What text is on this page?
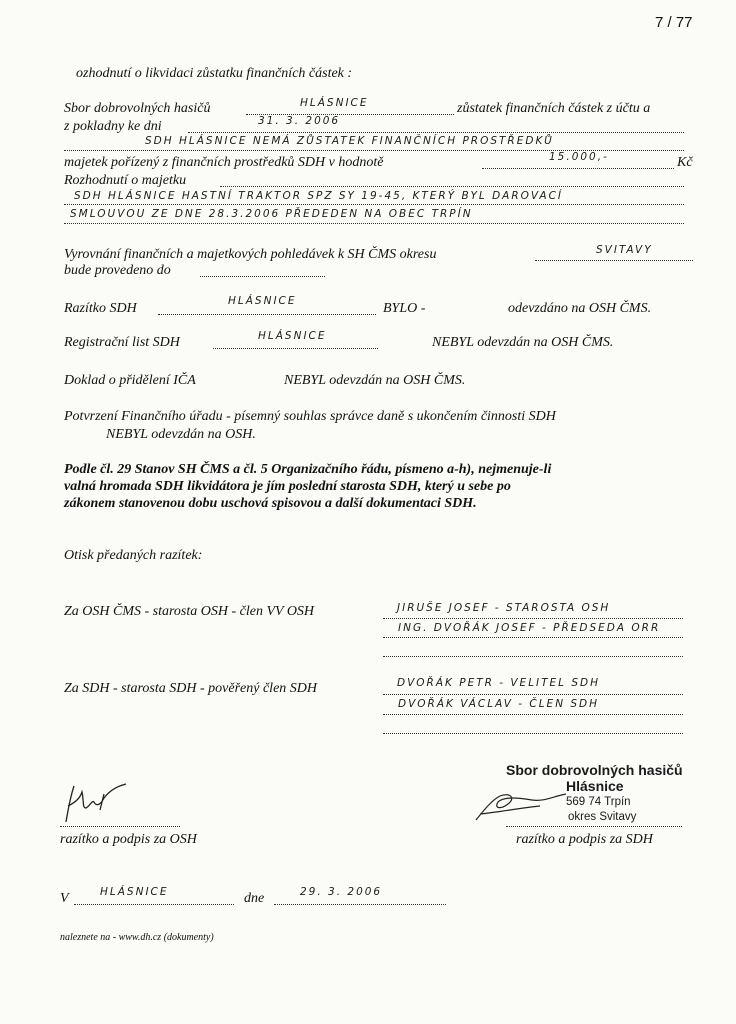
7 / 77
ozhodnutí o likvidaci zůstatku finančních částek :
Sbor dobrovolných hasičů	HLÁSNICE	zůstatek finančních částek z účtu a
z pokladny ke dni	31. 3. 2006
SDH HLÁSNICE NEMÁ ZŮSTATEK FINANČNÍCH PROSTŘEDKŮ
majetek pořízený z finančních prostředků SDH v hodnotě	15.000,-	Kč
Rozhodnutí o majetku
SDH HLÁSNICE HASTNÍ TRAKTOR SPZ SY 19-45, KTERÝ BYL DAROVACÍ
SMLOUVOU ZE DNE 28.3.2006 PŘEDEDEN NA OBEC TRPÍN
Vyrovnání finančních a majetkových pohledávek k SH ČMS okresu	SVITAVY
bude provedeno do
Razítko SDH	HLÁSNICE	BYLO -	odevzdáno na OSH ČMS.
Registrační list SDH	HLÁSNICE	NEBYL odevzdán na OSH ČMS.
Doklad o přidělení IČA	NEBYL odevzdán na OSH ČMS.
Potvrzení Finančního úřadu - písemný souhlas správce daně s ukončením činnosti SDH
NEBYL odevzdán na OSH.
Podle čl. 29 Stanov SH ČMS a čl. 5 Organizačního řádu, písmeno a-h), nejmenuje-li
valná hromada SDH likvidátora je jím poslední starosta SDH, který u sebe po
zákonem stanovenou dobu uschová spisovou a další dokumentaci SDH.
Otisk předaných razítek:
Za OSH ČMS - starosta OSH - člen VV OSH	JIRUŠE JOSEF - STAROSTA OSH
ING. DVOŘÁK JOSEF - PŘEDSEDA ORR
Za SDH - starosta SDH - pověřený člen SDH	DVOŘÁK PETR - VELITEL SDH
DVOŘÁK VÁCLAV - ČLEN SDH
Sbor dobrovolných hasičů
Hlásnice
569 74 Trpín
okres Svitavy
razítko a podpis za OSH	razítko a podpis za SDH
V	HLÁSNICE	dne	29. 3. 2006
naleznete na - www.dh.cz (dokumenty)
